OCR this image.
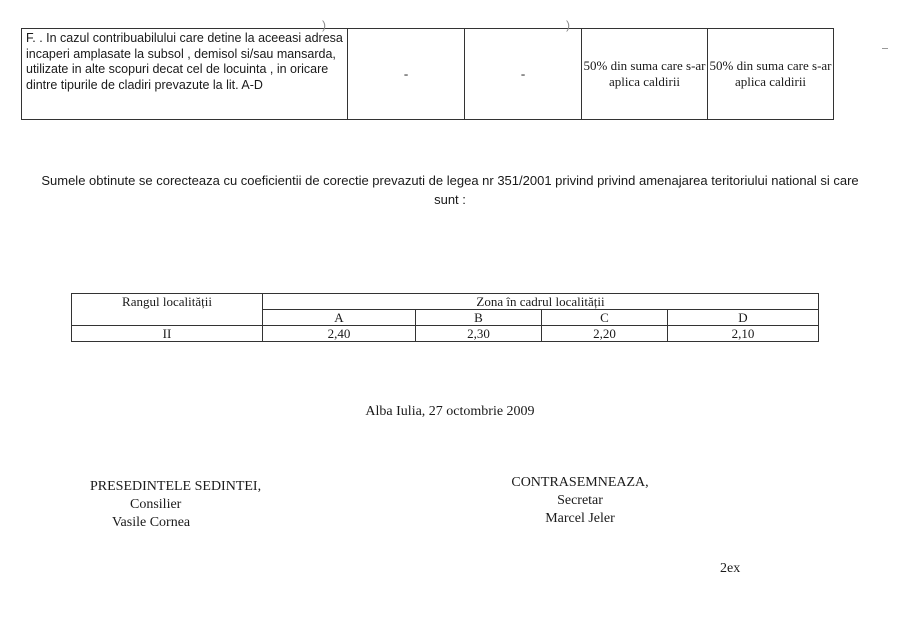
F. . In cazul contribuabilului care detine la aceeasi adresa incaperi amplasate la subsol , demisol si/sau mansarda, utilizate in alte scopuri decat cel de locuinta , in oricare dintre tipurile de cladiri prevazute la lit. A-D	-	-	50% din suma care s-ar aplica caldirii	50% din suma care s-ar aplica caldirii
Sumele obtinute se corecteaza cu coeficientii de corectie prevazuti de legea nr 351/2001 privind privind amenajarea teritoriului national si care sunt :
Rangul localității	Zona în cadrul localității			
	A	B	C	D
II	2,40	2,30	2,20	2,10
Alba Iulia, 27 octombrie 2009
PRESEDINTELE SEDINTEI,
Consilier
Vasile Cornea
CONTRASEMNEAZA,
Secretar
Marcel Jeler
2ex
)	)
